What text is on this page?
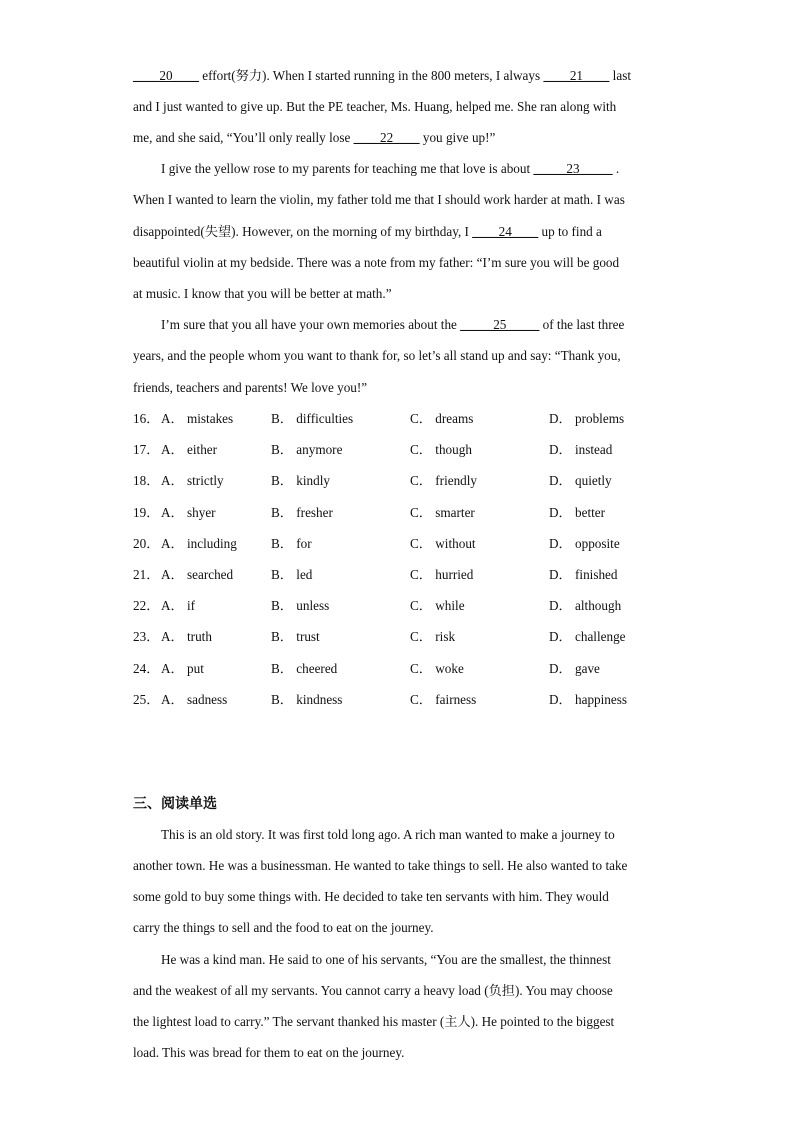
____20____ effort(努力). When I started running in the 800 meters, I always ____21____ last
and I just wanted to give up. But the PE teacher, Ms. Huang, helped me. She ran along with
me, and she said, “You’ll only really lose ____22____ you give up!”
I give the yellow rose to my parents for teaching me that love is about _____23_____ .
When I wanted to learn the violin, my father told me that I should work harder at math. I was
disappointed(失望). However, on the morning of my birthday, I ____24____ up to find a
beautiful violin at my bedside. There was a note from my father: “I’m sure you will be good
at music. I know that you will be better at math.”
I’m sure that you all have your own memories about the _____25_____ of the last three
years, and the people whom you want to thank for, so let’s all stand up and say: “Thank you,
friends, teachers and parents! We love you!”
16． A． mistakes	B． difficulties	C． dreams	D． problems
17． A． either	B． anymore	C． though	D． instead
18． A． strictly	B． kindly	C． friendly	D． quietly
19． A． shyer	B． fresher	C． smarter	D． better
20． A． including	B． for	C． without	D． opposite
21． A． searched	B． led	C． hurried	D． finished
22． A． if	B． unless	C． while	D． although
23． A． truth	B． trust	C． risk	D． challenge
24． A． put	B． cheered	C． woke	D． gave
25． A． sadness	B． kindness	C． fairness	D． happiness
三、阅读单选
This is an old story. It was first told long ago. A rich man wanted to make a journey to
another town. He was a businessman. He wanted to take things to sell. He also wanted to take
some gold to buy some things with. He decided to take ten servants with him. They would
carry the things to sell and the food to eat on the journey.
He was a kind man. He said to one of his servants, “You are the smallest, the thinnest
and the weakest of all my servants. You cannot carry a heavy load (负担). You may choose
the lightest load to carry.” The servant thanked his master (主人). He pointed to the biggest
load. This was bread for them to eat on the journey.
